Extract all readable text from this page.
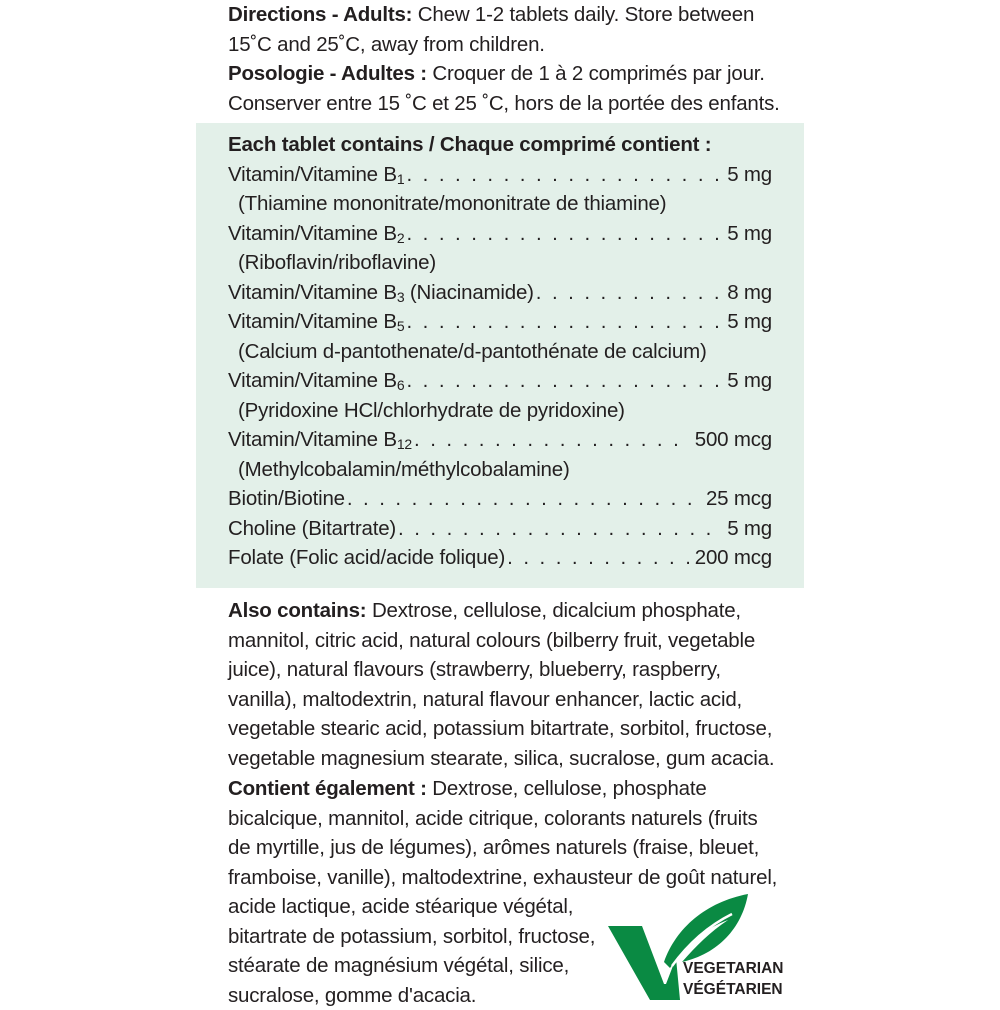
Directions - Adults: Chew 1-2 tablets daily. Store between

15˚C and 25˚C, away from children.

Posologie - Adultes : Croquer de 1 à 2 comprimés par jour.

Conserver entre 15 ˚C et 25 ˚C, hors de la portée des enfants.

Each tablet contains / Chaque comprimé contient :
Vitamin/Vitamine $B_1$ . . .	5 mg
(Thiamine mononitrate/mononitrate de thiamine)
Vitamin/Vitamine $B_2$ . . .	5 mg
(Riboflavin/riboflavine)
Vitamin/Vitamine $B_3$ (Niacinamide) . . .	8 mg
Vitamin/Vitamine $B_5$ . . .	5 mg
(Calcium d-pantothenate/d-pantothénate de calcium)
Vitamin/Vitamine $B_6$ . . .	5 mg
(Pyridoxine HCl/chlorhydrate de pyridoxine)
Vitamin/Vitamine $B_{12}$ . . .	500 mcg
(Methylcobalamin/méthylcobalamine)
Biotin/Biotine . . .	25 mcg
Choline (Bitartrate) . . .	5 mg
Folate (Folic acid/acide folique) . . .	200 mcg
Also contains: Dextrose, cellulose, dicalcium phosphate,
mannitol, citric acid, natural colours (bilberry fruit, vegetable
juice), natural flavours (strawberry, blueberry, raspberry,
vanilla), maltodextrin, natural flavour enhancer, lactic acid,
vegetable stearic acid, potassium bitartrate, sorbitol, fructose,
vegetable magnesium stearate, silica, sucralose, gum acacia.
Contient également : Dextrose, cellulose, phosphate
bicalcique, mannitol, acide citrique, colorants naturels (fruits
de myrtille, jus de légumes), arômes naturels (fraise, bleuet,
framboise, vanille), maltodextrine, exhausteur de goût naturel,
acide lactique, acide stéarique végétal,
bitartrate de potassium, sorbitol, fructose,
stéarate de magnésium végétal, silice,
sucralose, gomme d'acacia.
VEGETARIAN
VÉGÉTARIEN
